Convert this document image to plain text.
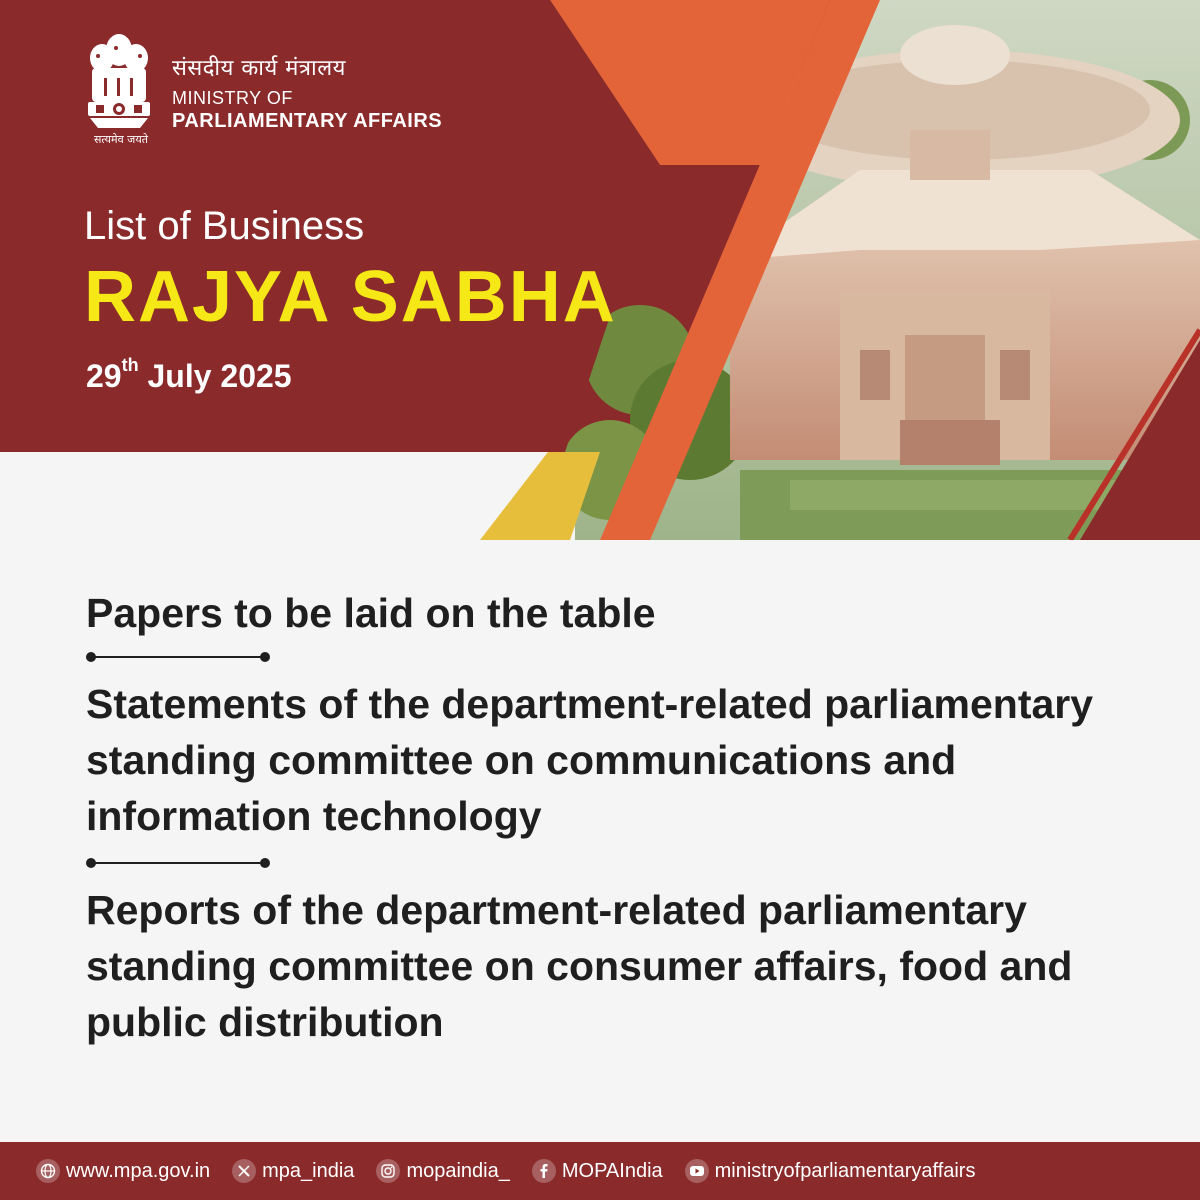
सत्यमेव जयते
संसदीय कार्य मंत्रालय
MINISTRY OF
PARLIAMENTARY AFFAIRS
List of Business
RAJYA SABHA
29th July 2025
Papers to be laid on the table
Statements of the department-related parliamentary standing committee on communications and information technology
Reports of the department-related parliamentary standing committee on consumer affairs, food and public distribution
www.mpa.gov.in	mpa_india	mopaindia_	MOPAIndia	ministryofparliamentaryaffairs
